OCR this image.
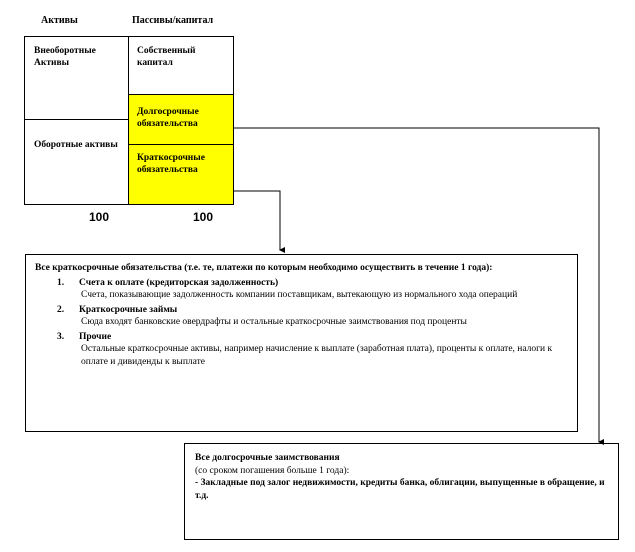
Активы	Пассивы/капитал
Внеоборотные Активы
Оборотные активы
Собственный капитал
Долгосрочные обязательства
Краткосрочные обязательства
100	100
Все краткосрочные обязательства (т.е. те, платежи по которым необходимо осуществить в течение 1 года):
1.	Счета к оплате (кредиторская задолженность)
Счета, показывающие задолженность компании поставщикам, вытекающую из нормального хода операций
2.	Краткосрочные займы
Сюда входят банковские овердрафты и остальные краткосрочные заимствования под проценты
3.	Прочие
Остальные краткосрочные активы, например начисление к выплате (заработная плата), проценты к оплате, налоги к оплате и дивиденды к выплате
Все долгосрочные заимствования
(со сроком погашения больше 1 года):
- Закладные под залог недвижимости, кредиты банка, облигации, выпущенные в обращение, и т.д.
